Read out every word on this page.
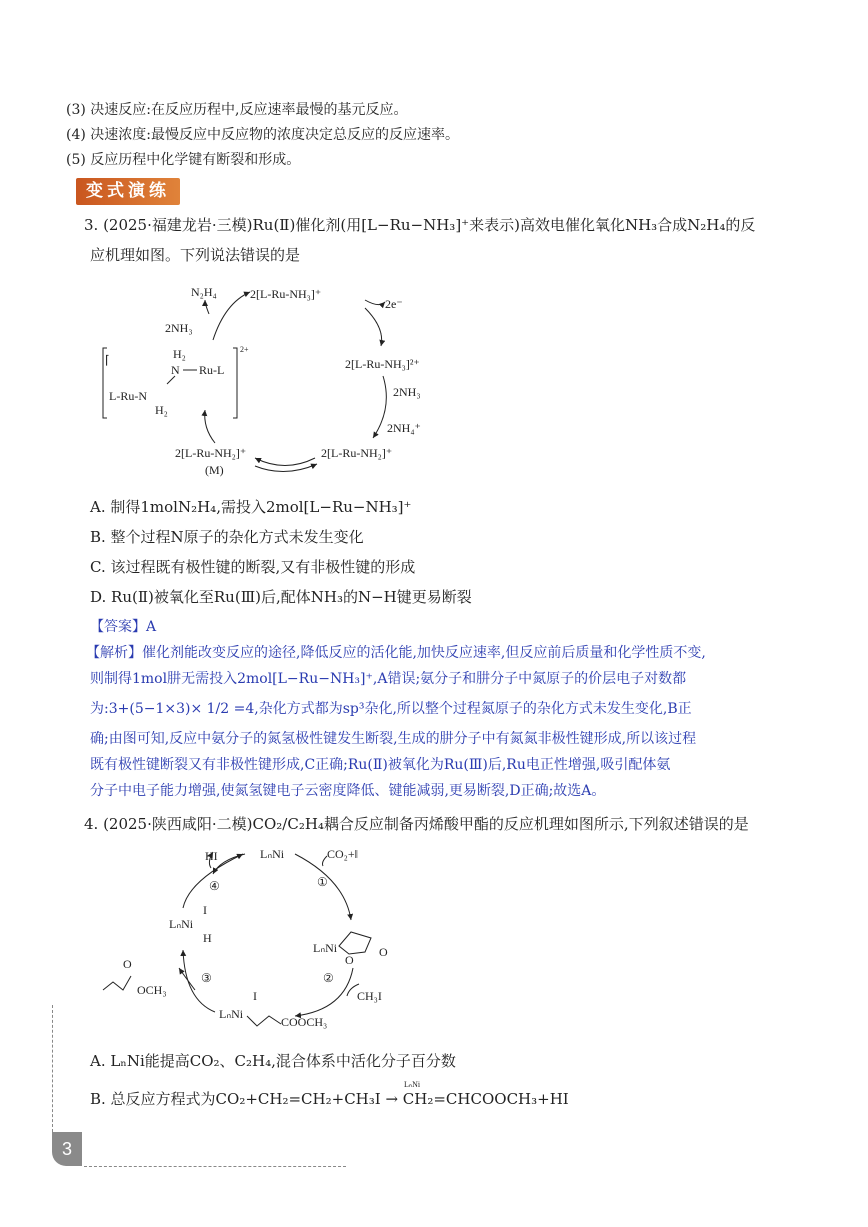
(3) 决速反应:在反应历程中,反应速率最慢的基元反应。
(4) 决速浓度:最慢反应中反应物的浓度决定总反应的反应速率。
(5) 反应历程中化学键有断裂和形成。
变式演练
3. (2025·福建龙岩·三模)Ru(Ⅱ)催化剂(用[L−Ru−NH₃]⁺来表示)高效电催化氧化NH₃合成N₂H₄的反
应机理如图。下列说法错误的是
N₂H₄	2[L-Ru-NH₃]⁺
2NH₃
2e⁻
2[L-Ru-NH₃]²⁺
2NH₃
2NH₄⁺
2[L-Ru-NH₂]⁺
2[L-Ru-NH₂]⁺
(M)
⌈
2+
H₂
N Ru-L
L-Ru-N
H₂
A. 制得1molN₂H₄,需投入2mol[L−Ru−NH₃]⁺
B. 整个过程N原子的杂化方式未发生变化
C. 该过程既有极性键的断裂,又有非极性键的形成
D. Ru(Ⅱ)被氧化至Ru(Ⅲ)后,配体NH₃的N−H键更易断裂
【答案】A
【解析】催化剂能改变反应的途径,降低反应的活化能,加快反应速率,但反应前后质量和化学性质不变,
则制得1mol肼无需投入2mol[L−Ru−NH₃]⁺,A错误;氨分子和肼分子中氮原子的价层电子对数都
为:3+(5−1×3)× 1/2 =4,杂化方式都为sp³杂化,所以整个过程氮原子的杂化方式未发生变化,B正
确;由图可知,反应中氨分子的氮氢极性键发生断裂,生成的肼分子中有氮氮非极性键形成,所以该过程
既有极性键断裂又有非极性键形成,C正确;Ru(Ⅱ)被氧化为Ru(Ⅲ)后,Ru电正性增强,吸引配体氨
分子中电子能力增强,使氮氢键电子云密度降低、键能减弱,更易断裂,D正确;故选A。
4. (2025·陕西咸阳·二模)CO₂/C₂H₄耦合反应制备丙烯酸甲酯的反应机理如图所示,下列叙述错误的是
HI	LₙNi	CO₂+‖
④	①
②
③
I
LₙNi
H
LₙNi
O
O
CH₃I
I
LₙNi
COOCH₃
O
OCH₃
A. LₙNi能提高CO₂、C₂H₄,混合体系中活化分子百分数
B. 总反应方程式为CO₂+CH₂=CH₂+CH₃I → CH₂=CHCOOCH₃+HI
LₙNi
3
